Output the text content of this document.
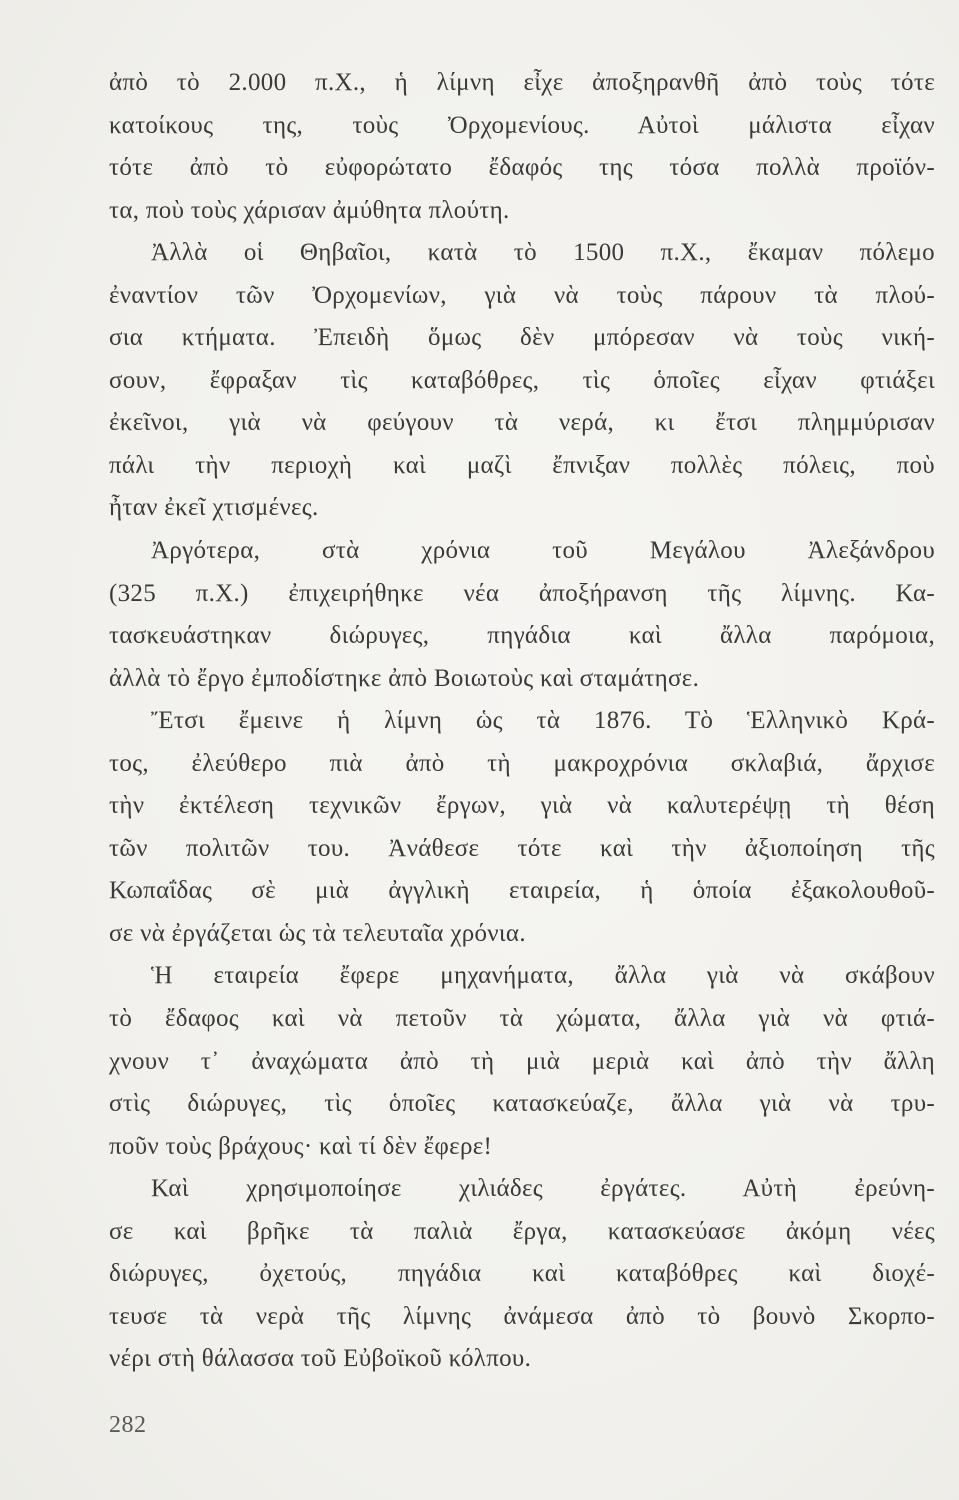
ἀπὸ τὸ 2.000 π.Χ., ἡ λίμνη εἶχε ἀποξηρανθῆ ἀπὸ τοὺς τότε
κατοίκους της, τοὺς Ὀρχομενίους. Αὐτοὶ μάλιστα εἶχαν
τότε ἀπὸ τὸ εὐφορώτατο ἔδαφός της τόσα πολλὰ προϊόν-
τα, ποὺ τοὺς χάρισαν ἀμύθητα πλούτη.
Ἀλλὰ οἱ Θηβαῖοι, κατὰ τὸ 1500 π.Χ., ἔκαμαν πόλεμο
ἐναντίον τῶν Ὀρχομενίων, γιὰ νὰ τοὺς πάρουν τὰ πλού-
σια κτήματα. Ἐπειδὴ ὅμως δὲν μπόρεσαν νὰ τοὺς νική-
σουν, ἔφραξαν τὶς καταβόθρες, τὶς ὁποῖες εἶχαν φτιάξει
ἐκεῖνοι, γιὰ νὰ φεύγουν τὰ νερά, κι ἔτσι πλημμύρισαν
πάλι τὴν περιοχὴ καὶ μαζὶ ἔπνιξαν πολλὲς πόλεις, ποὺ
ἦταν ἐκεῖ χτισμένες.
Ἀργότερα, στὰ χρόνια τοῦ Μεγάλου Ἀλεξάνδρου
(325 π.Χ.) ἐπιχειρήθηκε νέα ἀποξήρανση τῆς λίμνης. Κα-
τασκευάστηκαν διώρυγες, πηγάδια καὶ ἄλλα παρόμοια,
ἀλλὰ τὸ ἔργο ἐμποδίστηκε ἀπὸ Βοιωτοὺς καὶ σταμάτησε.
Ἔτσι ἔμεινε ἡ λίμνη ὡς τὰ 1876. Τὸ Ἑλληνικὸ Κρά-
τος, ἐλεύθερο πιὰ ἀπὸ τὴ μακροχρόνια σκλαβιά, ἄρχισε
τὴν ἐκτέλεση τεχνικῶν ἔργων, γιὰ νὰ καλυτερέψῃ τὴ θέση
τῶν πολιτῶν του. Ἀνάθεσε τότε καὶ τὴν ἀξιοποίηση τῆς
Κωπαΐδας σὲ μιὰ ἀγγλικὴ εταιρεία, ἡ ὁποία ἐξακολουθοῦ-
σε νὰ ἐργάζεται ὡς τὰ τελευταῖα χρόνια.
Ἡ εταιρεία ἔφερε μηχανήματα, ἄλλα γιὰ νὰ σκάβουν
τὸ ἔδαφος καὶ νὰ πετοῦν τὰ χώματα, ἄλλα γιὰ νὰ φτιά-
χνουν τ᾽ ἀναχώματα ἀπὸ τὴ μιὰ μεριὰ καὶ ἀπὸ τὴν ἄλλη
στὶς διώρυγες, τὶς ὁποῖες κατασκεύαζε, ἄλλα γιὰ νὰ τρυ-
ποῦν τοὺς βράχους· καὶ τί δὲν ἔφερε!
Καὶ χρησιμοποίησε χιλιάδες ἐργάτες. Αὐτὴ ἐρεύνη-
σε καὶ βρῆκε τὰ παλιὰ ἔργα, κατασκεύασε ἀκόμη νέες
διώρυγες, ὀχετούς, πηγάδια καὶ καταβόθρες καὶ διοχέ-
τευσε τὰ νερὰ τῆς λίμνης ἀνάμεσα ἀπὸ τὸ βουνὸ Σκορπο-
νέρι στὴ θάλασσα τοῦ Εὐβοϊκοῦ κόλπου.
282
